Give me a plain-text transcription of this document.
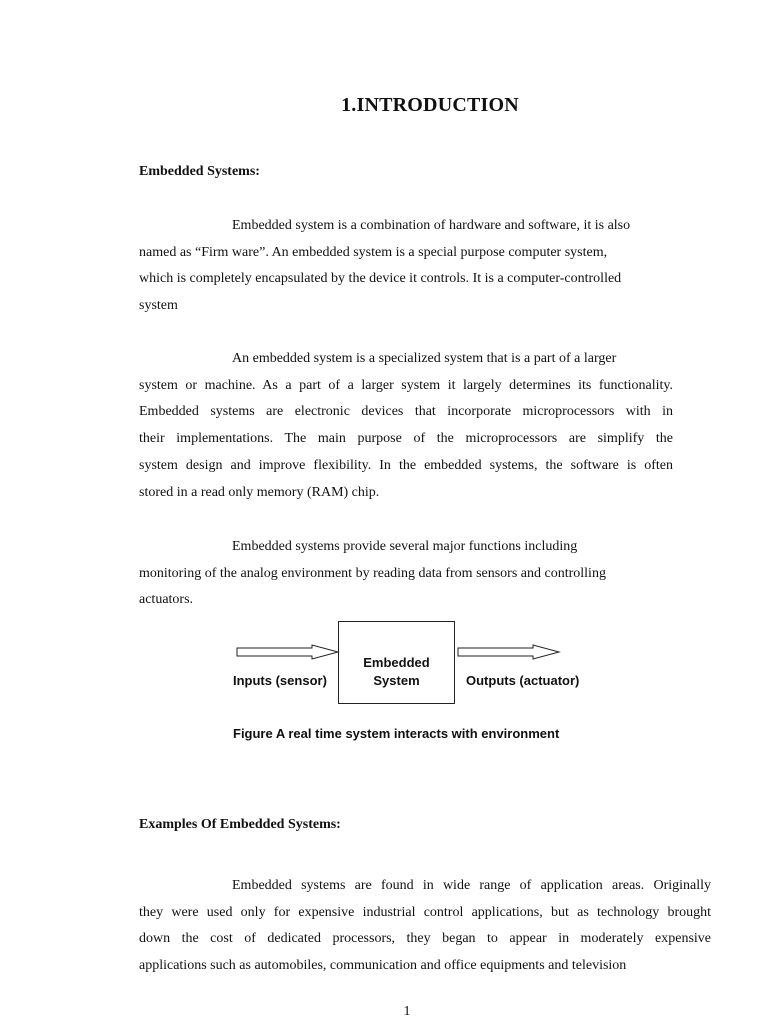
1.INTRODUCTION
Embedded Systems:
Embedded system is a combination of hardware and software, it is also
named as “Firm ware”. An embedded system is a special purpose computer system,
which is completely encapsulated by the device it controls. It is a computer-controlled
system
An embedded system is a specialized system that is a part of a larger
system or machine. As a part of a larger system it largely determines its functionality.
Embedded systems are electronic devices that incorporate microprocessors with in
their implementations. The main purpose of the microprocessors are simplify the
system design and improve flexibility. In the embedded systems, the software is often
stored in a read only memory (RAM) chip.
Embedded systems provide several major functions including
monitoring of the analog environment by reading data from sensors and controlling
actuators.
Embedded
System
Inputs (sensor)	Outputs (actuator)
Figure A real time system interacts with environment
Examples Of Embedded Systems:
Embedded systems are found in wide range of application areas. Originally
they were used only for expensive industrial control applications, but as technology brought
down the cost of dedicated processors, they began to appear in moderately expensive
applications such as automobiles, communication and office equipments and television
1
